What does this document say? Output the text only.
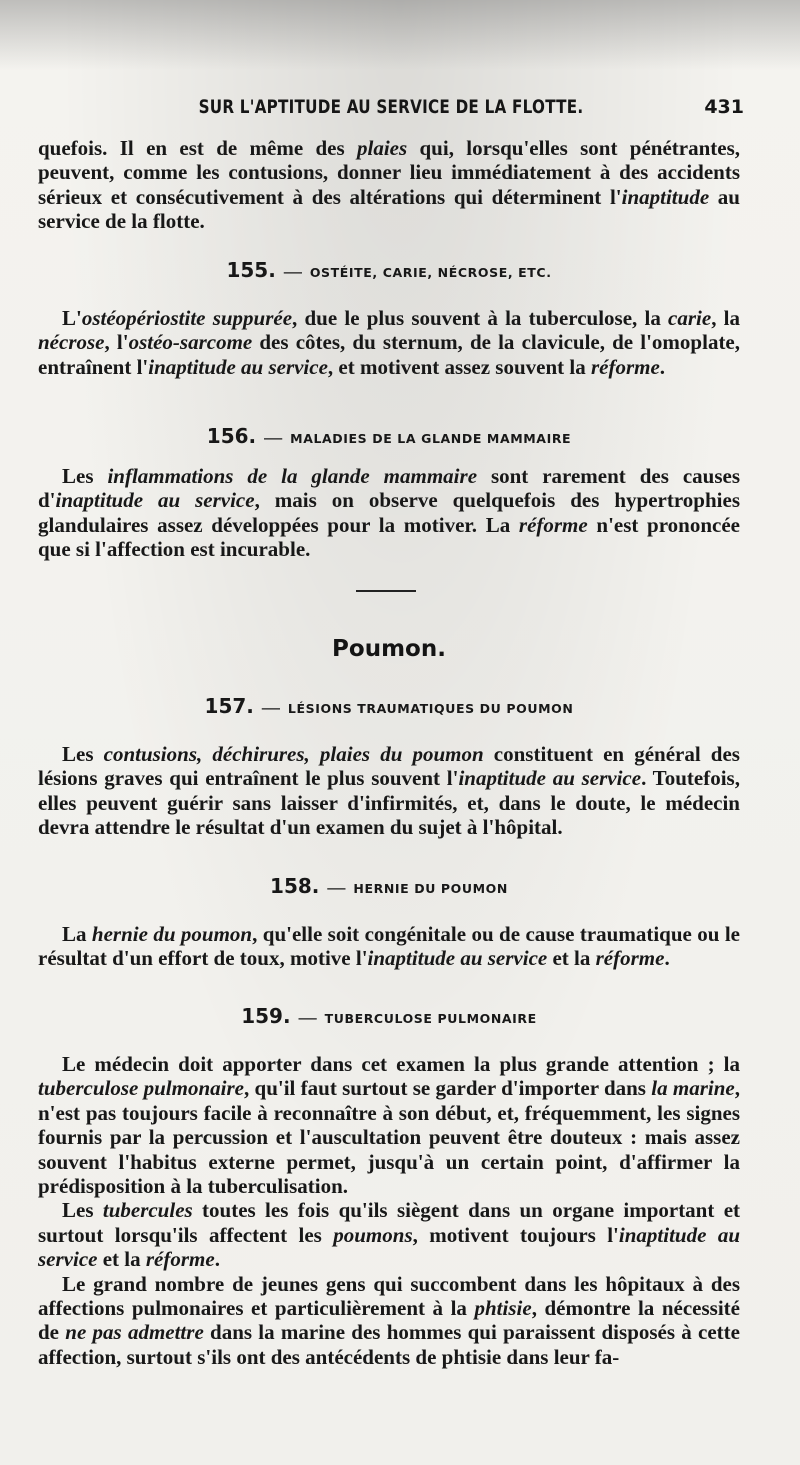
SUR L'APTITUDE AU SERVICE DE LA FLOTTE.	431

quefois. Il en est de même des plaies qui, lorsqu'elles sont pénétrantes, peuvent, comme les contusions, donner lieu immédiatement à des accidents sérieux et consécutivement à des altérations qui déterminent l'inaptitude au service de la flotte.

155. — OSTÉITE, CARIE, NÉCROSE, ETC.

L'ostéopériostite suppurée, due le plus souvent à la tuberculose, la carie, la nécrose, l'ostéo-sarcome des côtes, du sternum, de la clavicule, de l'omoplate, entraînent l'inaptitude au service, et motivent assez souvent la réforme.

156. — MALADIES DE LA GLANDE MAMMAIRE

Les inflammations de la glande mammaire sont rarement des causes d'inaptitude au service, mais on observe quelquefois des hypertrophies glandulaires assez développées pour la motiver. La réforme n'est prononcée que si l'affection est incurable.

Poumon.
157. — LÉSIONS TRAUMATIQUES DU POUMON

Les contusions, déchirures, plaies du poumon constituent en général des lésions graves qui entraînent le plus souvent l'inaptitude au service. Toutefois, elles peuvent guérir sans laisser d'infirmités, et, dans le doute, le médecin devra attendre le résultat d'un examen du sujet à l'hôpital.

158. — HERNIE DU POUMON

La hernie du poumon, qu'elle soit congénitale ou de cause traumatique ou le résultat d'un effort de toux, motive l'inaptitude au service et la réforme.

159. — TUBERCULOSE PULMONAIRE

Le médecin doit apporter dans cet examen la plus grande attention ; la tuberculose pulmonaire, qu'il faut surtout se garder d'importer dans la marine, n'est pas toujours facile à reconnaître à son début, et, fréquemment, les signes fournis par la percussion et l'auscultation peuvent être douteux : mais assez souvent l'habitus externe permet, jusqu'à un certain point, d'affirmer la prédisposition à la tuberculisation.

Les tubercules toutes les fois qu'ils siègent dans un organe important et surtout lorsqu'ils affectent les poumons, motivent toujours l'inaptitude au service et la réforme.

Le grand nombre de jeunes gens qui succombent dans les hôpitaux à des affections pulmonaires et particulièrement à la phtisie, démontre la nécessité de ne pas admettre dans la marine des hommes qui paraissent disposés à cette affection, surtout s'ils ont des antécédents de phtisie dans leur fa-
